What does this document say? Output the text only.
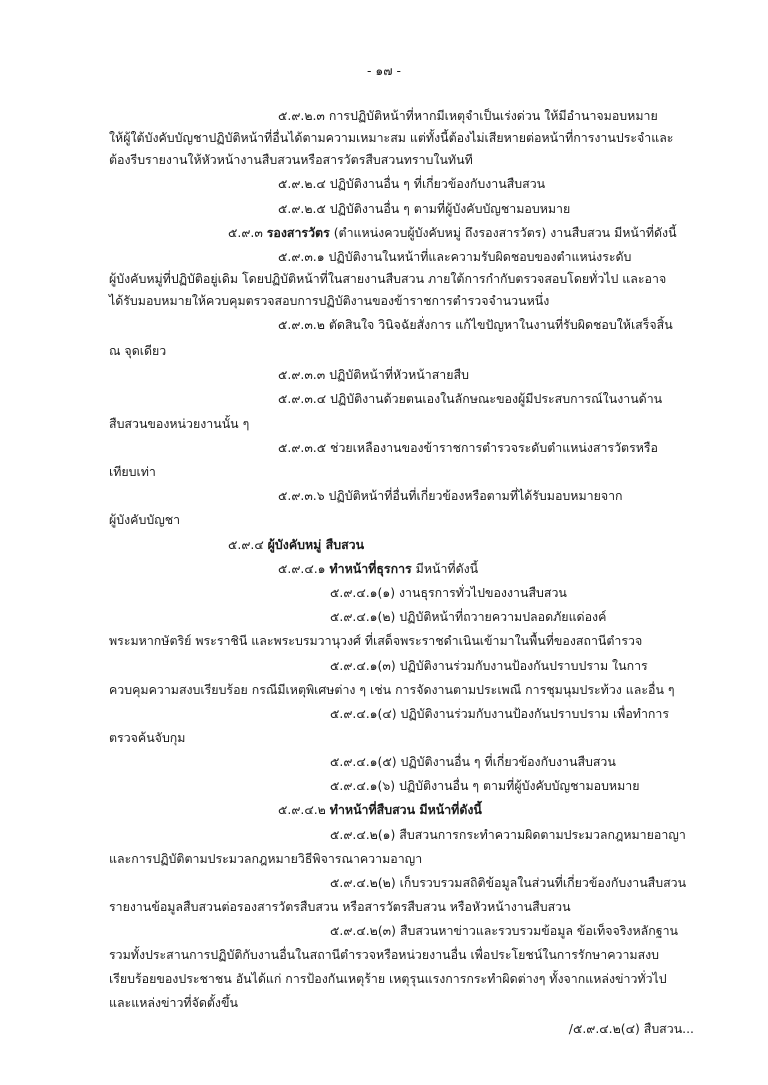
- ๑๗ -
๕.๙.๒.๓ การปฏิบัติหน้าที่หากมีเหตุจำเป็นเร่งด่วน ให้มีอำนาจมอบหมาย
ให้ผู้ใต้บังคับบัญชาปฏิบัติหน้าที่อื่นได้ตามความเหมาะสม แต่ทั้งนี้ต้องไม่เสียหายต่อหน้าที่การงานประจำและ
ต้องรีบรายงานให้หัวหน้างานสืบสวนหรือสารวัตรสืบสวนทราบในทันที
๕.๙.๒.๔ ปฏิบัติงานอื่น ๆ ที่เกี่ยวข้องกับงานสืบสวน
๕.๙.๒.๕ ปฏิบัติงานอื่น ๆ ตามที่ผู้บังคับบัญชามอบหมาย
๕.๙.๓ รองสารวัตร (ตำแหน่งควบผู้บังคับหมู่ ถึงรองสารวัตร) งานสืบสวน มีหน้าที่ดังนี้
๕.๙.๓.๑ ปฏิบัติงานในหน้าที่และความรับผิดชอบของตำแหน่งระดับ
ผู้บังคับหมู่ที่ปฏิบัติอยู่เดิม โดยปฏิบัติหน้าที่ในสายงานสืบสวน ภายใต้การกำกับตรวจสอบโดยทั่วไป และอาจ
ได้รับมอบหมายให้ควบคุมตรวจสอบการปฏิบัติงานของข้าราชการตำรวจจำนวนหนึ่ง
๕.๙.๓.๒ ตัดสินใจ วินิจฉัยสั่งการ แก้ไขปัญหาในงานที่รับผิดชอบให้เสร็จสิ้น
ณ จุดเดียว
๕.๙.๓.๓ ปฏิบัติหน้าที่หัวหน้าสายสืบ
๕.๙.๓.๔ ปฏิบัติงานด้วยตนเองในลักษณะของผู้มีประสบการณ์ในงานด้าน
สืบสวนของหน่วยงานนั้น ๆ
๕.๙.๓.๕ ช่วยเหลืองานของข้าราชการตำรวจระดับตำแหน่งสารวัตรหรือ
เทียบเท่า
๕.๙.๓.๖ ปฏิบัติหน้าที่อื่นที่เกี่ยวข้องหรือตามที่ได้รับมอบหมายจาก
ผู้บังคับบัญชา
๕.๙.๔ ผู้บังคับหมู่ สืบสวน
๕.๙.๔.๑ ทำหน้าที่ธุรการ มีหน้าที่ดังนี้
๕.๙.๔.๑(๑) งานธุรการทั่วไปของงานสืบสวน
๕.๙.๔.๑(๒) ปฏิบัติหน้าที่ถวายความปลอดภัยแด่องค์
พระมหากษัตริย์ พระราชินี และพระบรมวานุวงศ์ ที่เสด็จพระราชดำเนินเข้ามาในพื้นที่ของสถานีตำรวจ
๕.๙.๔.๑(๓) ปฏิบัติงานร่วมกับงานป้องกันปราบปราม ในการ
ควบคุมความสงบเรียบร้อย กรณีมีเหตุพิเศษต่าง ๆ เช่น การจัดงานตามประเพณี การชุมนุมประท้วง และอื่น ๆ
๕.๙.๔.๑(๔) ปฏิบัติงานร่วมกับงานป้องกันปราบปราม เพื่อทำการ
ตรวจค้นจับกุม
๕.๙.๔.๑(๕) ปฏิบัติงานอื่น ๆ ที่เกี่ยวข้องกับงานสืบสวน
๕.๙.๔.๑(๖) ปฏิบัติงานอื่น ๆ ตามที่ผู้บังคับบัญชามอบหมาย
๕.๙.๔.๒ ทำหน้าที่สืบสวน มีหน้าที่ดังนี้
๕.๙.๔.๒(๑) สืบสวนการกระทำความผิดตามประมวลกฎหมายอาญา
และการปฏิบัติตามประมวลกฎหมายวิธีพิจารณาความอาญา
๕.๙.๔.๒(๒) เก็บรวบรวมสถิติข้อมูลในส่วนที่เกี่ยวข้องกับงานสืบสวน
รายงานข้อมูลสืบสวนต่อรองสารวัตรสืบสวน หรือสารวัตรสืบสวน หรือหัวหน้างานสืบสวน
๕.๙.๔.๒(๓) สืบสวนหาข่าวและรวบรวมข้อมูล ข้อเท็จจริงหลักฐาน
รวมทั้งประสานการปฏิบัติกับงานอื่นในสถานีตำรวจหรือหน่วยงานอื่น เพื่อประโยชน์ในการรักษาความสงบ
เรียบร้อยของประชาชน อันได้แก่ การป้องกันเหตุร้าย เหตุรุนแรงการกระทำผิดต่างๆ ทั้งจากแหล่งข่าวทั่วไป
และแหล่งข่าวที่จัดตั้งขึ้น
/๕.๙.๔.๒(๔) สืบสวน...
